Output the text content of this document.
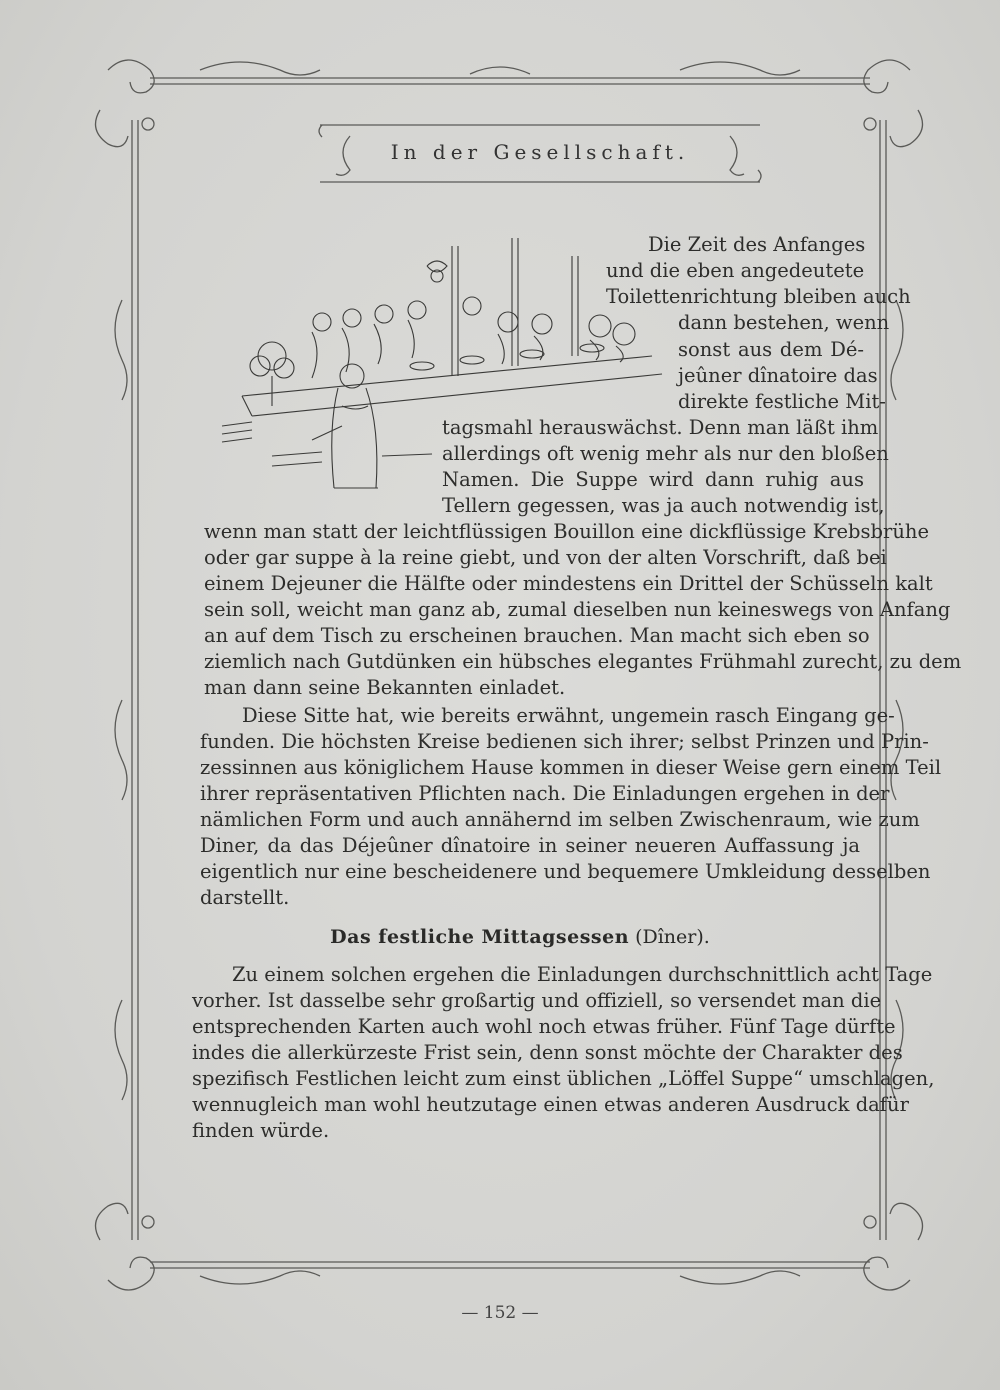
In der Gesellschaft.
Die Zeit des Anfanges
und die eben angedeutete
Toilettenrichtung bleiben auch
dann bestehen, wenn
sonst aus dem Dé-
jeûner dînatoire das
direkte festliche Mit-
tagsmahl herauswächst. Denn man läßt ihm
allerdings oft wenig mehr als nur den bloßen
Namen. Die Suppe wird dann ruhig aus
Tellern gegessen, was ja auch notwendig ist,
wenn man statt der leichtflüssigen Bouillon eine dickflüssige Krebsbrühe
oder gar suppe à la reine giebt, und von der alten Vorschrift, daß bei
einem Dejeuner die Hälfte oder mindestens ein Drittel der Schüsseln kalt
sein soll, weicht man ganz ab, zumal dieselben nun keineswegs von Anfang
an auf dem Tisch zu erscheinen brauchen. Man macht sich eben so
ziemlich nach Gutdünken ein hübsches elegantes Frühmahl zurecht, zu dem
man dann seine Bekannten einladet.
Diese Sitte hat, wie bereits erwähnt, ungemein rasch Eingang ge-
funden. Die höchsten Kreise bedienen sich ihrer; selbst Prinzen und Prin-
zessinnen aus königlichem Hause kommen in dieser Weise gern einem Teil
ihrer repräsentativen Pflichten nach. Die Einladungen ergehen in der
nämlichen Form und auch annähernd im selben Zwischenraum, wie zum
Diner, da das Déjeûner dînatoire in seiner neueren Auffassung ja
eigentlich nur eine bescheidenere und bequemere Umkleidung desselben
darstellt.
Das festliche Mittagsessen (Dîner).
Zu einem solchen ergehen die Einladungen durchschnittlich acht Tage
vorher. Ist dasselbe sehr großartig und offiziell, so versendet man die
entsprechenden Karten auch wohl noch etwas früher. Fünf Tage dürfte
indes die allerkürzeste Frist sein, denn sonst möchte der Charakter des
spezifisch Festlichen leicht zum einst üblichen „Löffel Suppe“ umschlagen,
wennugleich man wohl heutzutage einen etwas anderen Ausdruck dafür
finden würde.
— 152 —
